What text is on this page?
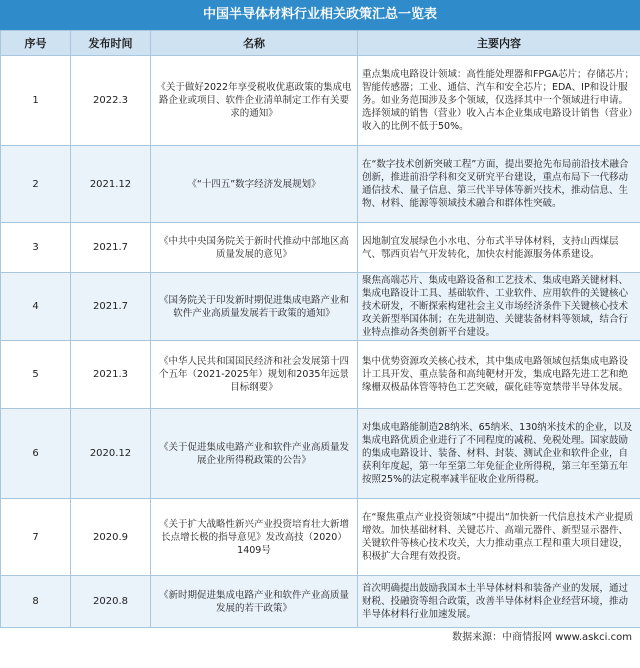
中国半导体材料行业相关政策汇总一览表
序号	发布时间	名称	主要内容
1	2022.3	《关于做好2022年享受税收优惠政策的集成电路企业或项目、软件企业清单制定工作有关要求的通知》	重点集成电路设计领域：高性能处理器和FPGA芯片；存储芯片；智能传感器；工业、通信、汽车和安全芯片；EDA、IP和设计服务。如业务范围涉及多个领域，仅选择其中一个领域进行申请。选择领域的销售（营业）收入占本企业集成电路设计销售（营业）收入的比例不低于50%。
2	2021.12	《“十四五”数字经济发展规划》	在“数字技术创新突破工程”方面，提出要抢先布局前沿技术融合创新，推进前沿学科和交叉研究平台建设，重点布局下一代移动通信技术、量子信息、第三代半导体等新兴技术，推动信息、生物、材料、能源等领域技术融合和群体性突破。
3	2021.7	《中共中央国务院关于新时代推动中部地区高质量发展的意见》	因地制宜发展绿色小水电、分布式半导体材料，支持山西煤层气、鄂西页岩气开发转化，加快农村能源服务体系建设。
4	2021.7	《国务院关于印发新时期促进集成电路产业和软件产业高质量发展若干政策的通知》	聚焦高端芯片、集成电路设备和工艺技术、集成电路关键材料、集成电路设计工具、基础软件、工业软件、应用软件的关键核心技术研发，不断探索构建社会主义市场经济条件下关键核心技术攻关新型举国体制；在先进制造、关键装备材料等领域，结合行业特点推动各类创新平台建设。
5	2021.3	《中华人民共和国国民经济和社会发展第十四个五年（2021-2025年）规划和2035年远景目标纲要》	集中优势资源攻关核心技术，其中集成电路领域包括集成电路设计工具开发、重点装备和高纯靶材开发，集成电路先进工艺和绝缘栅双极晶体管等特色工艺突破，碳化硅等宽禁带半导体发展。
6	2020.12	《关于促进集成电路产业和软件产业高质量发展企业所得税政策的公告》	对集成电路能制造28纳米、65纳米、130纳米技术的企业，以及集成电路优质企业进行了不同程度的减税、免税处理。国家鼓励的集成电路设计、装备、材料、封装、测试企业和软件企业，自获利年度起，第一年至第二年免征企业所得税，第三年至第五年按照25%的法定税率减半征收企业所得税。
7	2020.9	《关于扩大战略性新兴产业投资培育壮大新增长点增长极的指导意见》发改高技（2020）1409号	在“聚焦重点产业投资领域”中提出“加快新一代信息技术产业提质增效。加快基础材料、关键芯片、高端元器件、新型显示器件、关键软件等核心技术攻关，大力推动重点工程和重大项目建设，积极扩大合理有效投资。
8	2020.8	《新时期促进集成电路产业和软件产业高质量发展的若干政策》	首次明确提出鼓励我国本土半导体材料和装备产业的发展，通过财税、投融资等组合政策，改善半导体材料企业经营环境，推动半导体材料行业加速发展。
数据来源：中商情报网 www.askci.com
